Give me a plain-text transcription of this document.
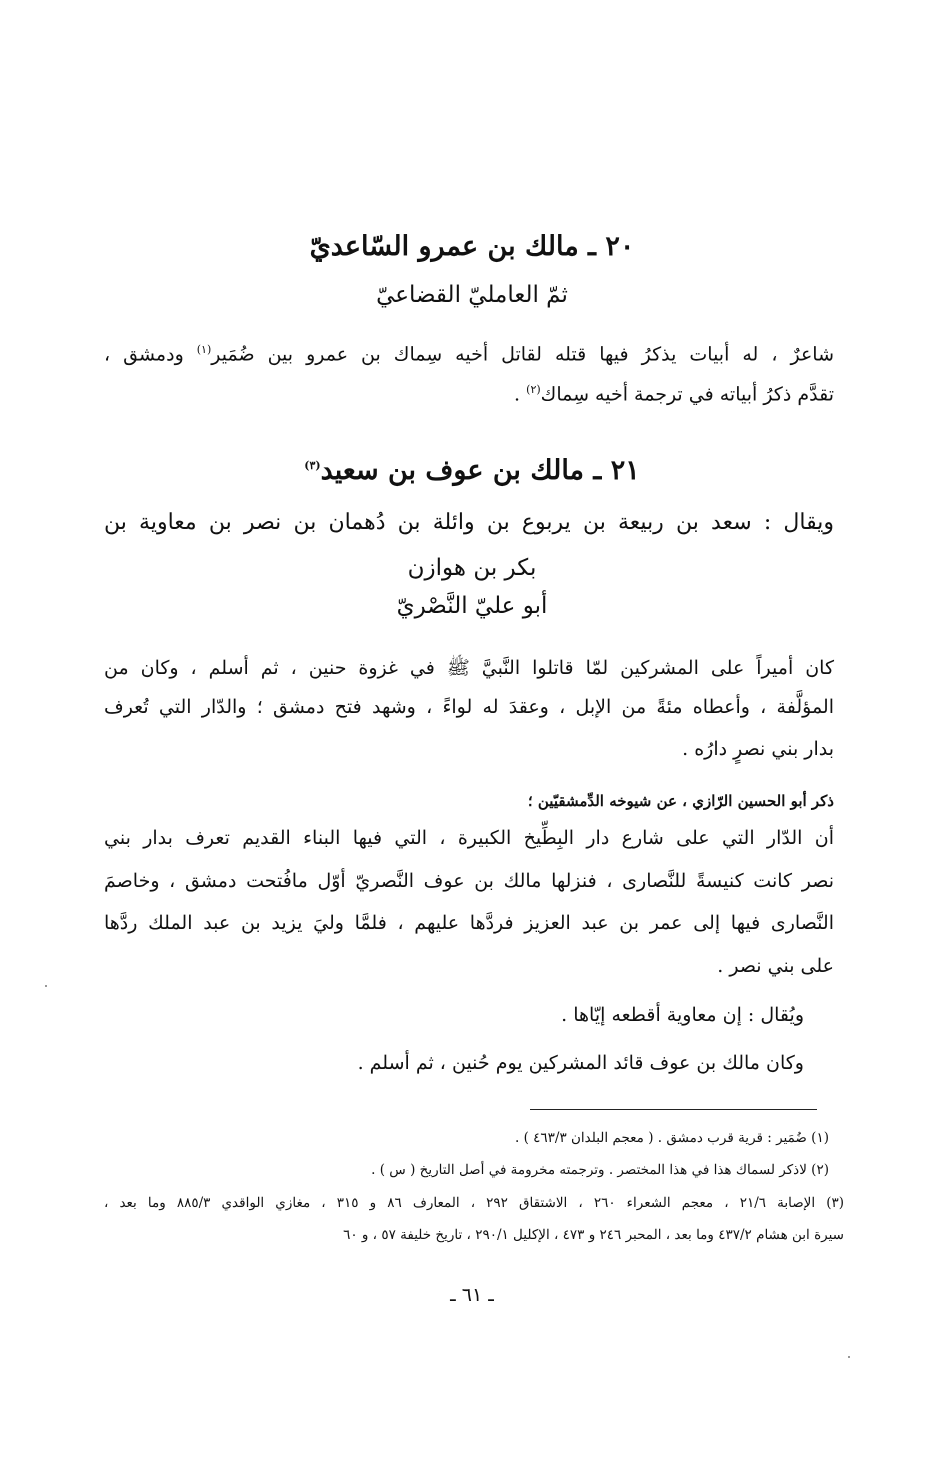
٢٠ ـ مالك بن عمرو السّاعديّ
ثمّ العامليّ القضاعيّ
شاعرٌ ، له أبيات يذكرُ فيها قتله لقاتل أخيه سِماك بن عمرو بين ضُمَير$^{(١)}$ ودمشق ،
تقدَّم ذكرُ أبياته في ترجمة أخيه سِماك$^{(٢)}$ .
٢١ ـ مالك بن عوف بن سعيد$^{(٣)}$
ويقال : سعد بن ربيعة بن يربوع بن وائلة بن دُهمان بن نصر بن معاوية بن
بكر بن هوازن
أبو عليّ النَّصْريّ
كان أميراً على المشركين لمّا قاتلوا النَّبيَّ ﷺ في غزوة حنين ، ثم أسلم ، وكان من
المؤلَّفة ، وأعطاه مئةً من الإبل ، وعقدَ له لواءً ، وشهد فتح دمشق ؛ والدّار التي تُعرف
بدار بني نصرٍ دارُه .
ذكر أبو الحسين الرّازي ، عن شيوخه الدِّمشقيّين ؛
أن الدّار التي على شارع دار البِطِّيخ الكبيرة ، التي فيها البناء القديم تعرف بدار بني
نصر كانت كنيسةً للنَّصارى ، فنزلها مالك بن عوف النَّصريّ أوّل مافُتحت دمشق ، وخاصمَ
النَّصارى فيها إلى عمر بن عبد العزيز فردَّها عليهم ، فلمَّا وليَ يزيد بن عبد الملك ردَّها
على بني نصر .
ويُقال : إن معاوية أقطعه إيّاها .
وكان مالك بن عوف قائد المشركين يوم حُنين ، ثم أسلم .
(١) ضُمَير : قرية قرب دمشق . ( معجم البلدان ٤٦٣/٣ ) .
(٢) لاذكر لسماك هذا في هذا المختصر . وترجمته مخرومة في أصل التاريخ ( س ) .
(٣) الإصابة ٢١/٦ ، معجم الشعراء ٢٦٠ ، الاشتقاق ٢٩٢ ، المعارف ٨٦ و ٣١٥ ، مغازي الواقدي ٨٨٥/٣ وما بعد ،
سيرة ابن هشام ٤٣٧/٢ وما بعد ، المحبر ٢٤٦ و ٤٧٣ ، الإكليل ٢٩٠/١ ، تاريخ خليفة ٥٧ ، و ٦٠
ـ ٦١ ـ
